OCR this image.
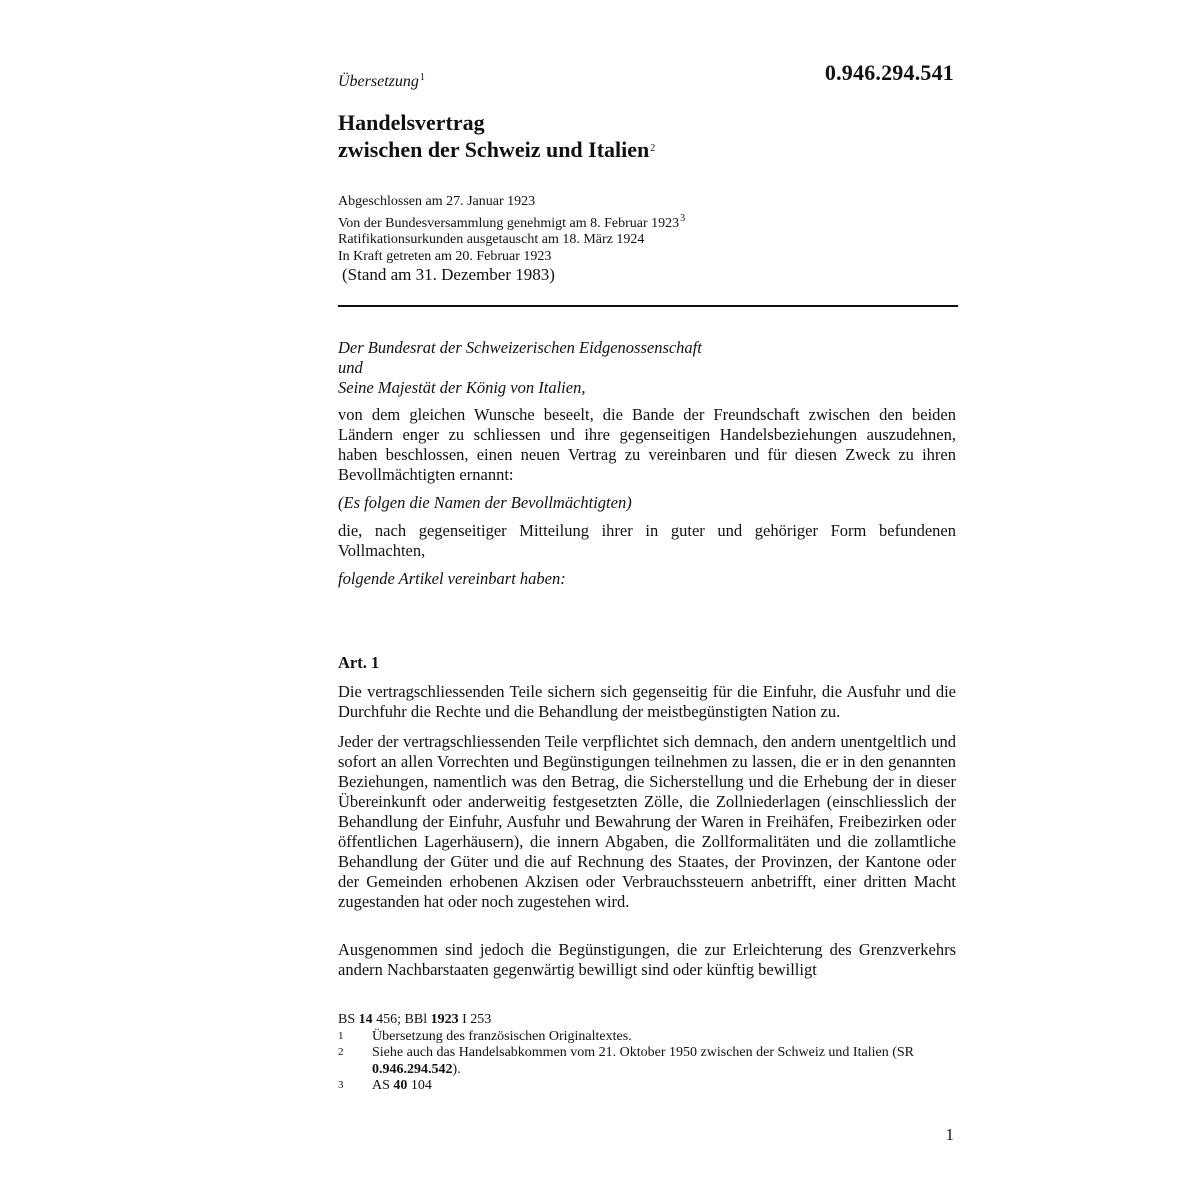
0.946.294.541
Übersetzung$^1$
Handelsvertrag
zwischen der Schweiz und Italien$^2$
Abgeschlossen am 27. Januar 1923
Von der Bundesversammlung genehmigt am 8. Februar 1923$^3$
Ratifikationsurkunden ausgetauscht am 18. März 1924
In Kraft getreten am 20. Februar 1923
(Stand am 31. Dezember 1983)
Der Bundesrat der Schweizerischen Eidgenossenschaft
und
Seine Majestät der König von Italien,

von dem gleichen Wunsche beseelt, die Bande der Freundschaft zwischen den beiden Ländern enger zu schliessen und ihre gegenseitigen Handelsbeziehungen auszudehnen, haben beschlossen, einen neuen Vertrag zu vereinbaren und für diesen Zweck zu ihren Bevollmächtigten ernannt:

(Es folgen die Namen der Bevollmächtigten)

die, nach gegenseitiger Mitteilung ihrer in guter und gehöriger Form befundenen Vollmachten,

folgende Artikel vereinbart haben:

Art. 1

Die vertragschliessenden Teile sichern sich gegenseitig für die Einfuhr, die Ausfuhr und die Durchfuhr die Rechte und die Behandlung der meistbegünstigten Nation zu.

Jeder der vertragschliessenden Teile verpflichtet sich demnach, den andern unentgeltlich und sofort an allen Vorrechten und Begünstigungen teilnehmen zu lassen, die er in den genannten Beziehungen, namentlich was den Betrag, die Sicherstellung und die Erhebung der in dieser Übereinkunft oder anderweitig festgesetzten Zölle, die Zollniederlagen (einschliesslich der Behandlung der Einfuhr, Ausfuhr und Bewahrung der Waren in Freihäfen, Freibezirken oder öffentlichen Lagerhäusern), die innern Abgaben, die Zollformalitäten und die zollamtliche Behandlung der Güter und die auf Rechnung des Staates, der Provinzen, der Kantone oder der Gemeinden erhobenen Akzisen oder Verbrauchssteuern anbetrifft, einer dritten Macht zugestanden hat oder noch zugestehen wird.

Ausgenommen sind jedoch die Begünstigungen, die zur Erleichterung des Grenzverkehrs andern Nachbarstaaten gegenwärtig bewilligt sind oder künftig bewilligt

BS 14 456; BBl 1923 I 253
1	Übersetzung des französischen Originaltextes.
2	Siehe auch das Handelsabkommen vom 21. Oktober 1950 zwischen der Schweiz und Italien (SR 0.946.294.542).
3	AS 40 104
1
